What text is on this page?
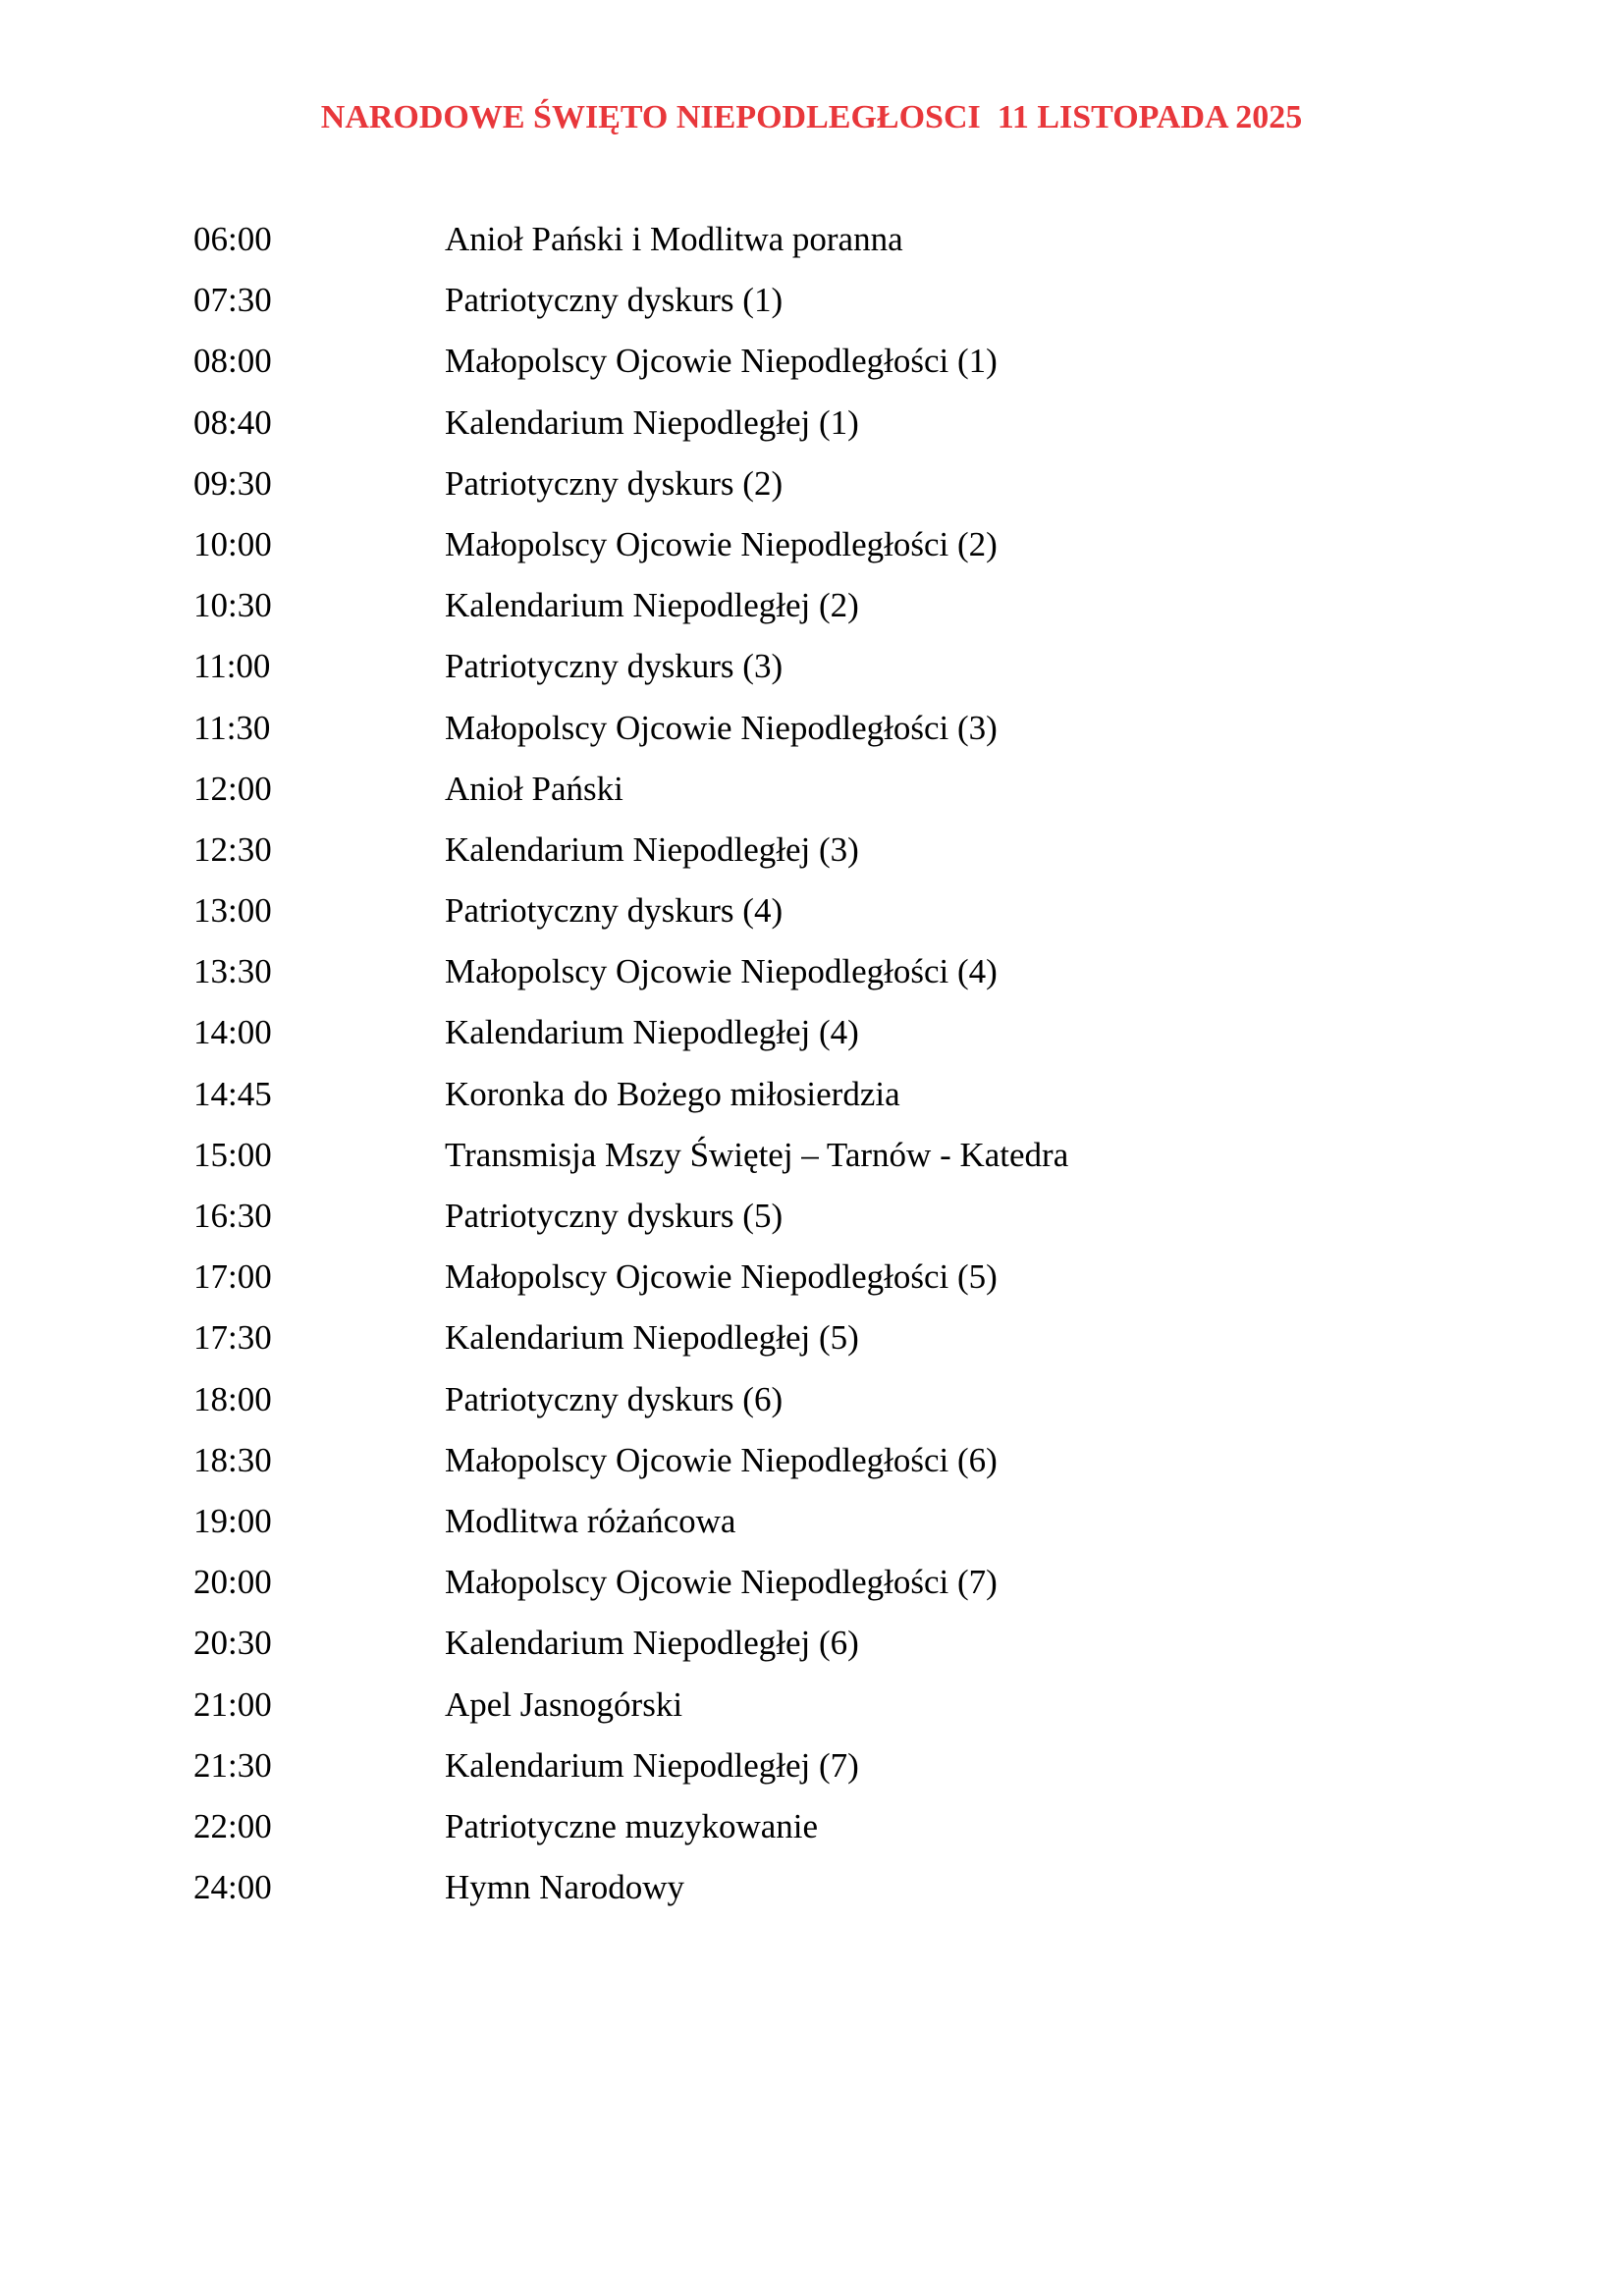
NARODOWE ŚWIĘTO NIEPODLEGŁOSCI  11 LISTOPADA 2025
06:00	Anioł Pański i Modlitwa poranna
07:30	Patriotyczny dyskurs (1)
08:00	Małopolscy Ojcowie Niepodległości (1)
08:40	Kalendarium Niepodległej (1)
09:30	Patriotyczny dyskurs (2)
10:00	Małopolscy Ojcowie Niepodległości (2)
10:30	Kalendarium Niepodległej (2)
11:00	Patriotyczny dyskurs (3)
11:30	Małopolscy Ojcowie Niepodległości (3)
12:00	Anioł Pański
12:30	Kalendarium Niepodległej (3)
13:00	Patriotyczny dyskurs (4)
13:30	Małopolscy Ojcowie Niepodległości (4)
14:00	Kalendarium Niepodległej (4)
14:45	Koronka do Bożego miłosierdzia
15:00	Transmisja Mszy Świętej – Tarnów - Katedra
16:30	Patriotyczny dyskurs (5)
17:00	Małopolscy Ojcowie Niepodległości (5)
17:30	Kalendarium Niepodległej (5)
18:00	Patriotyczny dyskurs (6)
18:30	Małopolscy Ojcowie Niepodległości (6)
19:00	Modlitwa różańcowa
20:00	Małopolscy Ojcowie Niepodległości (7)
20:30	Kalendarium Niepodległej (6)
21:00	Apel Jasnogórski
21:30	Kalendarium Niepodległej (7)
22:00	Patriotyczne muzykowanie
24:00	Hymn Narodowy
